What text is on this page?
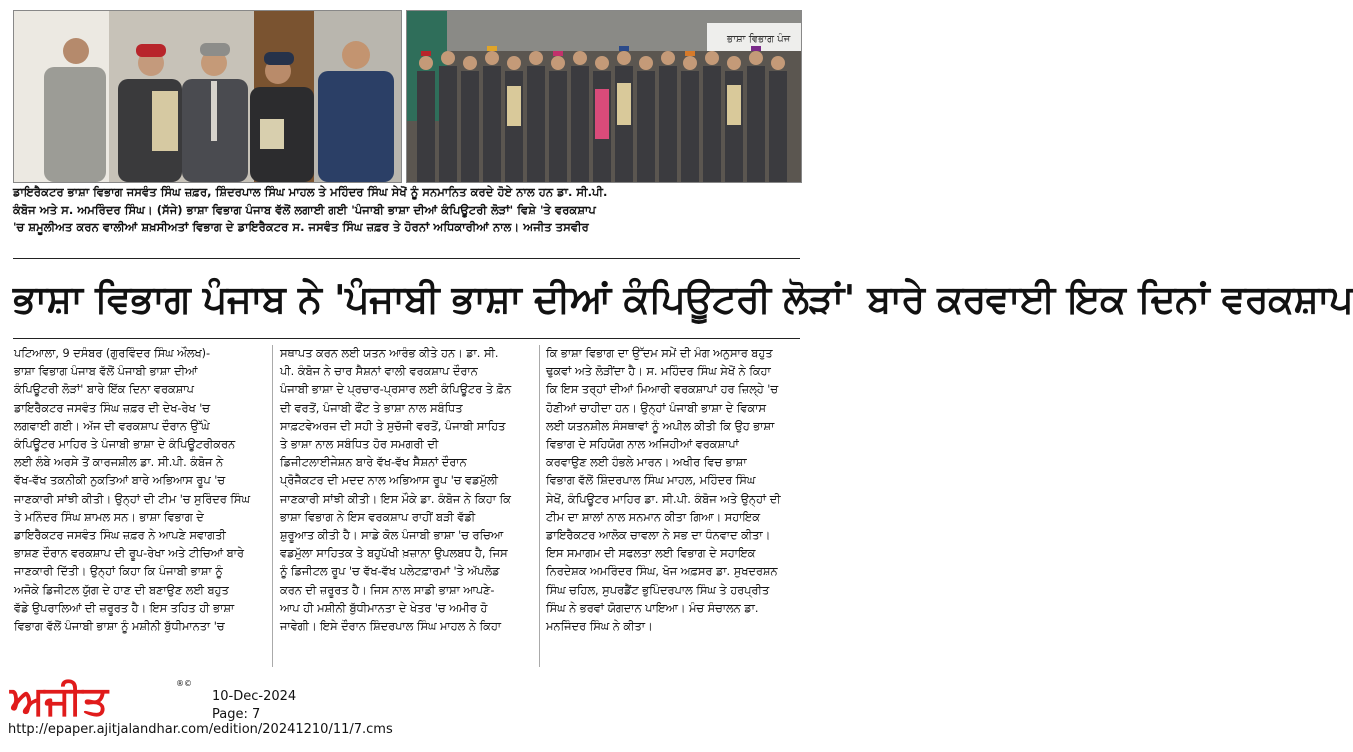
ਭਾਸ਼ਾ ਵਿਭਾਗ ਪੰਜ

ਡਾਇਰੈਕਟਰ ਭਾਸ਼ਾ ਵਿਭਾਗ ਜਸਵੰਤ ਸਿੰਘ ਜ਼ਫ਼ਰ, ਸ਼ਿੰਦਰਪਾਲ ਸਿੰਘ ਮਾਹਲ ਤੇ ਮਹਿੰਦਰ ਸਿੰਘ ਸੇਖੋਂ ਨੂੰ ਸਨਮਾਨਿਤ ਕਰਦੇ ਹੋਏ ਨਾਲ ਹਨ ਡਾ. ਸੀ.ਪੀ.

ਕੰਬੋਜ ਅਤੇ ਸ. ਅਮਰਿੰਦਰ ਸਿੰਘ। (ਸੱਜੇ) ਭਾਸ਼ਾ ਵਿਭਾਗ ਪੰਜਾਬ ਵੱਲੋਂ ਲਗਾਈ ਗਈ 'ਪੰਜਾਬੀ ਭਾਸ਼ਾ ਦੀਆਂ ਕੰਪਿਊਟਰੀ ਲੋੜਾਂ' ਵਿਸ਼ੇ 'ਤੇ ਵਰਕਸ਼ਾਪ

'ਚ ਸ਼ਮੂਲੀਅਤ ਕਰਨ ਵਾਲੀਆਂ ਸ਼ਖ਼ਸੀਅਤਾਂ ਵਿਭਾਗ ਦੇ ਡਾਇਰੈਕਟਰ ਸ. ਜਸਵੰਤ ਸਿੰਘ ਜ਼ਫ਼ਰ ਤੇ ਹੋਰਨਾਂ ਅਧਿਕਾਰੀਆਂ ਨਾਲ। ਅਜੀਤ ਤਸਵੀਰ

ਭਾਸ਼ਾ ਵਿਭਾਗ ਪੰਜਾਬ ਨੇ 'ਪੰਜਾਬੀ ਭਾਸ਼ਾ ਦੀਆਂ ਕੰਪਿਊਟਰੀ ਲੋੜਾਂ' ਬਾਰੇ ਕਰਵਾਈ ਇਕ ਦਿਨਾਂ ਵਰਕਸ਼ਾਪ

ਪਟਿਆਲਾ, 9 ਦਸੰਬਰ (ਗੁਰਵਿੰਦਰ ਸਿੰਘ ਔਲਖ)-

ਭਾਸ਼ਾ ਵਿਭਾਗ ਪੰਜਾਬ ਵੱਲੋਂ ਪੰਜਾਬੀ ਭਾਸ਼ਾ ਦੀਆਂ

ਕੰਪਿਊਟਰੀ ਲੋੜਾਂ' ਬਾਰੇ ਇੱਕ ਦਿਨਾ ਵਰਕਸ਼ਾਪ

ਡਾਇਰੈਕਟਰ ਜਸਵੰਤ ਸਿੰਘ ਜ਼ਫ਼ਰ ਦੀ ਦੇਖ-ਰੇਖ 'ਚ

ਲਗਵਾਈ ਗਈ। ਅੱਜ ਦੀ ਵਰਕਸ਼ਾਪ ਦੌਰਾਨ ਉੱਘੇ

ਕੰਪਿਊਟਰ ਮਾਹਿਰ ਤੇ ਪੰਜਾਬੀ ਭਾਸ਼ਾ ਦੇ ਕੰਪਿਊਟਰੀਕਰਨ

ਲਈ ਲੰਬੇ ਅਰਸੇ ਤੋਂ ਕਾਰਜਸ਼ੀਲ ਡਾ. ਸੀ.ਪੀ. ਕੰਬੋਜ ਨੇ

ਵੱਖ-ਵੱਖ ਤਕਨੀਕੀ ਨੁਕਤਿਆਂ ਬਾਰੇ ਅਭਿਆਸ ਰੂਪ 'ਚ

ਜਾਣਕਾਰੀ ਸਾਂਝੀ ਕੀਤੀ। ਉਨ੍ਹਾਂ ਦੀ ਟੀਮ 'ਚ ਸੁਰਿੰਦਰ ਸਿੰਘ

ਤੇ ਮਨਿੰਦਰ ਸਿੰਘ ਸ਼ਾਮਲ ਸਨ। ਭਾਸ਼ਾ ਵਿਭਾਗ ਦੇ

ਡਾਇਰੈਕਟਰ ਜਸਵੰਤ ਸਿੰਘ ਜ਼ਫ਼ਰ ਨੇ ਆਪਣੇ ਸਵਾਗਤੀ

ਭਾਸ਼ਣ ਦੌਰਾਨ ਵਰਕਸ਼ਾਪ ਦੀ ਰੂਪ-ਰੇਖਾ ਅਤੇ ਟੀਚਿਆਂ ਬਾਰੇ

ਜਾਣਕਾਰੀ ਦਿੱਤੀ। ਉਨ੍ਹਾਂ ਕਿਹਾ ਕਿ ਪੰਜਾਬੀ ਭਾਸ਼ਾ ਨੂੰ

ਅਜੋਕੇ ਡਿਜੀਟਲ ਯੁੱਗ ਦੇ ਹਾਣ ਦੀ ਬਣਾਉਣ ਲਈ ਬਹੁਤ

ਵੱਡੇ ਉਪਰਾਲਿਆਂ ਦੀ ਜ਼ਰੂਰਤ ਹੈ। ਇਸ ਤਹਿਤ ਹੀ ਭਾਸ਼ਾ

ਵਿਭਾਗ ਵੱਲੋਂ ਪੰਜਾਬੀ ਭਾਸ਼ਾ ਨੂੰ ਮਸ਼ੀਨੀ ਬੁੱਧੀਮਾਨਤਾ 'ਚ

ਸਥਾਪਤ ਕਰਨ ਲਈ ਯਤਨ ਆਰੰਭ ਕੀਤੇ ਹਨ। ਡਾ. ਸੀ.

ਪੀ. ਕੰਬੋਜ ਨੇ ਚਾਰ ਸੈਸ਼ਨਾਂ ਵਾਲੀ ਵਰਕਸ਼ਾਪ ਦੌਰਾਨ

ਪੰਜਾਬੀ ਭਾਸ਼ਾ ਦੇ ਪ੍ਰਚਾਰ-ਪ੍ਰਸਾਰ ਲਈ ਕੰਪਿਊਟਰ ਤੇ ਫ਼ੋਨ

ਦੀ ਵਰਤੋਂ, ਪੰਜਾਬੀ ਫੌਂਟ ਤੇ ਭਾਸ਼ਾ ਨਾਲ ਸਬੰਧਿਤ

ਸਾਫ਼ਟਵੇਅਰਜ ਦੀ ਸਹੀ ਤੇ ਸੁਚੱਜੀ ਵਰਤੋਂ, ਪੰਜਾਬੀ ਸਾਹਿਤ

ਤੇ ਭਾਸ਼ਾ ਨਾਲ ਸਬੰਧਿਤ ਹੋਰ ਸਮਗਰੀ ਦੀ

ਡਿਜੀਟਲਾਈਜੇਸ਼ਨ ਬਾਰੇ ਵੱਖ-ਵੱਖ ਸੈਸ਼ਨਾਂ ਦੌਰਾਨ

ਪ੍ਰੋਜੈਕਟਰ ਦੀ ਮਦਦ ਨਾਲ ਅਭਿਆਸ ਰੂਪ 'ਚ ਵਡਮੁੱਲੀ

ਜਾਣਕਾਰੀ ਸਾਂਝੀ ਕੀਤੀ। ਇਸ ਮੌਕੇ ਡਾ. ਕੰਬੋਜ ਨੇ ਕਿਹਾ ਕਿ

ਭਾਸ਼ਾ ਵਿਭਾਗ ਨੇ ਇਸ ਵਰਕਸ਼ਾਪ ਰਾਹੀਂ ਬੜੀ ਵੱਡੀ

ਸ਼ੁਰੂਆਤ ਕੀਤੀ ਹੈ। ਸਾਡੇ ਕੋਲ ਪੰਜਾਬੀ ਭਾਸ਼ਾ 'ਚ ਰਚਿਆ

ਵਡਮੁੱਲਾ ਸਾਹਿਤਕ ਤੇ ਬਹੁਪੱਖੀ ਖ਼ਜ਼ਾਨਾ ਉਪਲਬਧ ਹੈ, ਜਿਸ

ਨੂੰ ਡਿਜੀਟਲ ਰੂਪ 'ਚ ਵੱਖ-ਵੱਖ ਪਲੇਟਫ਼ਾਰਮਾਂ 'ਤੇ ਅੱਪਲੋਡ

ਕਰਨ ਦੀ ਜ਼ਰੂਰਤ ਹੈ। ਜਿਸ ਨਾਲ ਸਾਡੀ ਭਾਸ਼ਾ ਆਪਣੇ-

ਆਪ ਹੀ ਮਸ਼ੀਨੀ ਬੁੱਧੀਮਾਨਤਾ ਦੇ ਖੇਤਰ 'ਚ ਅਮੀਰ ਹੋ

ਜਾਵੇਗੀ। ਇਸੇ ਦੌਰਾਨ ਸ਼ਿੰਦਰਪਾਲ ਸਿੰਘ ਮਾਹਲ ਨੇ ਕਿਹਾ

ਕਿ ਭਾਸ਼ਾ ਵਿਭਾਗ ਦਾ ਉੱਦਮ ਸਮੇਂ ਦੀ ਮੰਗ ਅਨੁਸਾਰ ਬਹੁਤ

ਢੁਕਵਾਂ ਅਤੇ ਲੋੜੀਂਦਾ ਹੈ। ਸ. ਮਹਿੰਦਰ ਸਿੰਘ ਸੇਖੋਂ ਨੇ ਕਿਹਾ

ਕਿ ਇਸ ਤਰ੍ਹਾਂ ਦੀਆਂ ਮਿਆਰੀ ਵਰਕਸ਼ਾਪਾਂ ਹਰ ਜ਼ਿਲ੍ਹੇ 'ਚ

ਹੋਣੀਆਂ ਚਾਹੀਦਾ ਹਨ। ਉਨ੍ਹਾਂ ਪੰਜਾਬੀ ਭਾਸ਼ਾ ਦੇ ਵਿਕਾਸ

ਲਈ ਯਤਨਸ਼ੀਲ ਸੰਸਥਾਵਾਂ ਨੂੰ ਅਪੀਲ ਕੀਤੀ ਕਿ ਉਹ ਭਾਸ਼ਾ

ਵਿਭਾਗ ਦੇ ਸਹਿਯੋਗ ਨਾਲ ਅਜਿਹੀਆਂ ਵਰਕਸ਼ਾਪਾਂ

ਕਰਵਾਉਣ ਲਈ ਹੰਭਲੇ ਮਾਰਨ। ਅਖੀਰ ਵਿਚ ਭਾਸ਼ਾ

ਵਿਭਾਗ ਵੱਲੋਂ ਸ਼ਿੰਦਰਪਾਲ ਸਿੰਘ ਮਾਹਲ, ਮਹਿੰਦਰ ਸਿੰਘ

ਸੇਖੋਂ, ਕੰਪਿਊਟਰ ਮਾਹਿਰ ਡਾ. ਸੀ.ਪੀ. ਕੰਬੋਜ ਅਤੇ ਉਨ੍ਹਾਂ ਦੀ

ਟੀਮ ਦਾ ਸ਼ਾਲਾਂ ਨਾਲ ਸਨਮਾਨ ਕੀਤਾ ਗਿਆ। ਸਹਾਇਕ

ਡਾਇਰੈਕਟਰ ਆਲੋਕ ਚਾਵਲਾ ਨੇ ਸਭ ਦਾ ਧੰਨਵਾਦ ਕੀਤਾ।

ਇਸ ਸਮਾਗਮ ਦੀ ਸਫਲਤਾ ਲਈ ਵਿਭਾਗ ਦੇ ਸਹਾਇਕ

ਨਿਰਦੇਸ਼ਕ ਅਮਰਿੰਦਰ ਸਿੰਘ, ਖੋਜ ਅਫ਼ਸਰ ਡਾ. ਸੁਖਦਰਸ਼ਨ

ਸਿੰਘ ਚਹਿਲ, ਸੁਪਰਡੈਂਟ ਭੁਪਿੰਦਰਪਾਲ ਸਿੰਘ ਤੇ ਹਰਪ੍ਰੀਤ

ਸਿੰਘ ਨੇ ਭਰਵਾਂ ਯੋਗਦਾਨ ਪਾਇਆ। ਮੰਚ ਸੰਚਾਲਨ ਡਾ.

ਮਨਜਿੰਦਰ ਸਿੰਘ ਨੇ ਕੀਤਾ।

ਅਜੀਤ	®©
10-Dec-2024
Page: 7
http://epaper.ajitjalandhar.com/edition/20241210/11/7.cms
